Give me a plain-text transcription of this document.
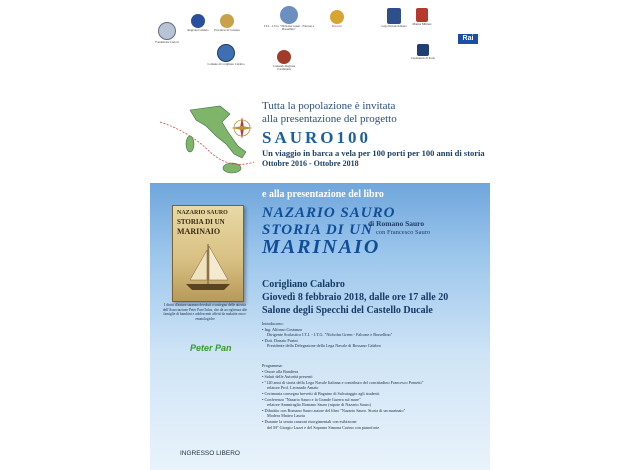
Fondazione Carical
Regione Calabria	Provincia di Cosenza
Comune di Corigliano Calabro
I.T.I. - I.T.G. "Nicholas Green - Falcone e Borsellino"
Comando Regione Carabinieri
Rotaract	Lega Navale Italiana	Marina Militare
Capitaneria di Porto
Rai
Tutta la popolazione è invitata
alla presentazione del progetto
SAURO100
Un viaggio in barca a vela per 100 porti per 100 anni di storia
Ottobre 2016 - Ottobre 2018
e alla presentazione del libro
NAZARIO SAURO
STORIA DI UN
MARINAIO
di Romano Sauro
con Francesco Sauro
NAZARIO SAURO
STORIA DI UN
MARINAIO
Corigliano Calabro
Giovedì 8 febbraio 2018, dalle ore 17 alle 20
Salone degli Specchi del Castello Ducale
Introducono:
• Ing. Alfonso Costanza
Dirigente Scolastico I.T.I. - I.T.G. "Nicholas Green - Falcone e Borsellino"
• Dott. Donato Purini
Presidente della Delegazione della Lega Navale di Rossano Calabro
Programma:
• Onore alla Bandiera
• Saluti delle Autorità presenti
• "120 anni di storia della Lega Navale Italiana e contributo del concittadino Francesco Pometti"
relatore Prof. Leonardo Amato
• Cerimonia consegna brevetti di Bagnino di Salvataggio agli studenti.
• Conferenza "Nazario Sauro e la Grande Guerra sul mare"
relatore Ammiraglio Romano Sauro (nipote di Nazario Sauro)
• Dibattito con Romano Sauro autore del libro "Nazario Sauro. Storia di un marinaio"
Modera Matteo Lauria
• Durante la serata canzoni risorgimentali con esibizione
del M° Giorgio Luzzi e del Soprano Simona Corino con pianoforte
I diritti d'autore saranno devoluti a sostegno delle attività dell'Associazione Peter Pan Onlus, che dà accoglienza alle famiglie di bambini e adolescenti affetti da malattie onco-ematologiche
Peter Pan
INGRESSO LIBERO
